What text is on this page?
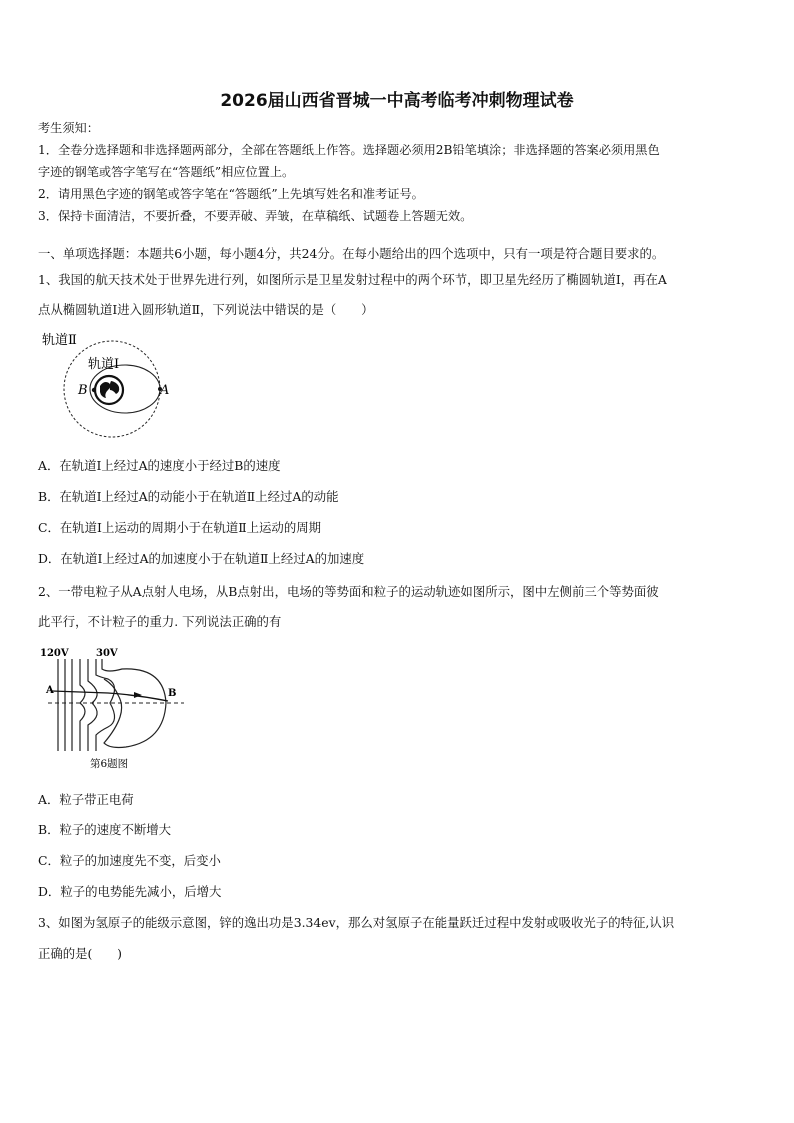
2026届山西省晋城一中高考临考冲刺物理试卷
考生须知：
1．全卷分选择题和非选择题两部分，全部在答题纸上作答。选择题必须用2B铅笔填涂；非选择题的答案必须用黑色
字迹的钢笔或答字笔写在“答题纸”相应位置上。
2．请用黑色字迹的钢笔或答字笔在“答题纸”上先填写姓名和准考证号。
3．保持卡面清洁，不要折叠，不要弄破、弄皱，在草稿纸、试题卷上答题无效。
一、单项选择题：本题共6小题，每小题4分，共24分。在每小题给出的四个选项中，只有一项是符合题目要求的。
1、我国的航天技术处于世界先进行列，如图所示是卫星发射过程中的两个环节，即卫星先经历了椭圆轨道Ⅰ，再在A
点从椭圆轨道Ⅰ进入圆形轨道Ⅱ，下列说法中错误的是（　　）
轨道Ⅱ
轨道Ⅰ
B	A
A．在轨道Ⅰ上经过A的速度小于经过B的速度
B．在轨道Ⅰ上经过A的动能小于在轨道Ⅱ上经过A的动能
C．在轨道Ⅰ上运动的周期小于在轨道Ⅱ上运动的周期
D．在轨道Ⅰ上经过A的加速度小于在轨道Ⅱ上经过A的加速度
2、一带电粒子从A点射人电场，从B点射出，电场的等势面和粒子的运动轨迹如图所示，图中左侧前三个等势面彼
此平行，不计粒子的重力. 下列说法正确的有
120V	30V
A	B
第6题图
A．粒子带正电荷
B．粒子的速度不断增大
C．粒子的加速度先不变，后变小
D．粒子的电势能先减小，后增大
3、如图为氢原子的能级示意图，锌的逸出功是3.34ev，那么对氢原子在能量跃迁过程中发射或吸收光子的特征,认识
正确的是(　　)
